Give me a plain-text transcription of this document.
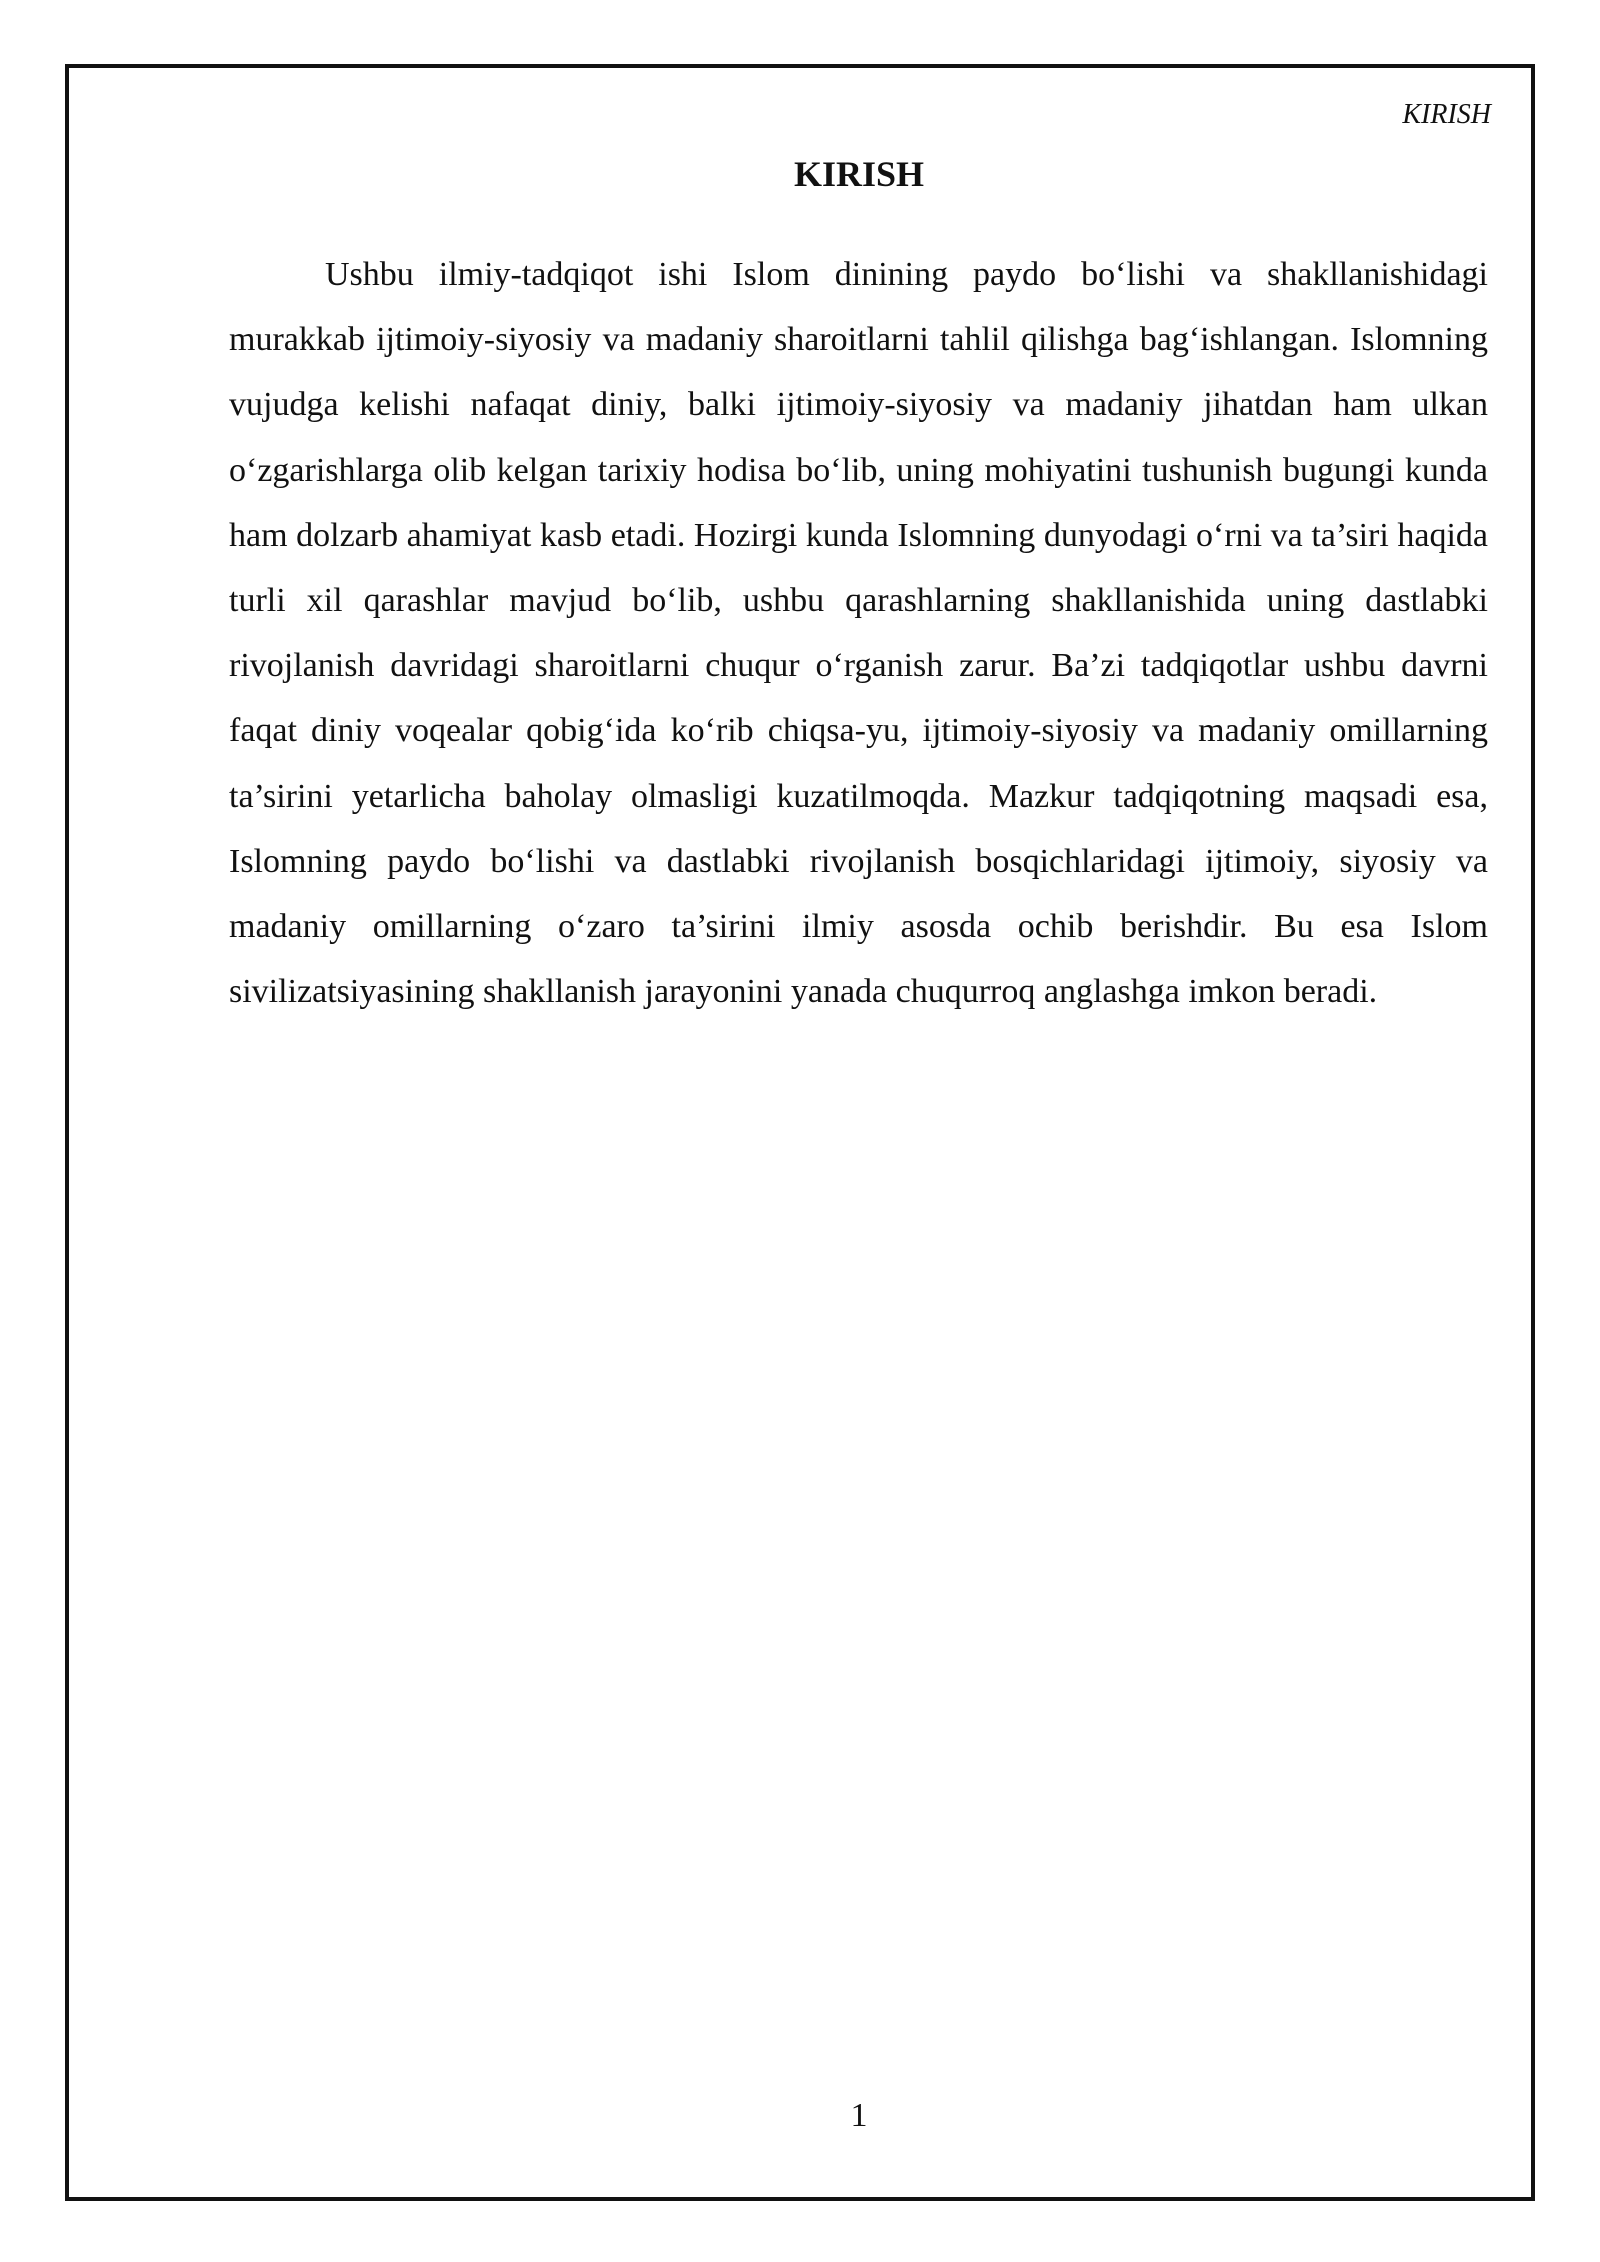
KIRISH
KIRISH

Ushbu ilmiy-tadqiqot ishi Islom dinining paydo bo‘lishi va shakllanishidagi murakkab ijtimoiy-siyosiy va madaniy sharoitlarni tahlil qilishga bag‘ishlangan. Islomning vujudga kelishi nafaqat diniy, balki ijtimoiy-siyosiy va madaniy jihatdan ham ulkan o‘zgarishlarga olib kelgan tarixiy hodisa bo‘lib, uning mohiyatini tushunish bugungi kunda ham dolzarb ahamiyat kasb etadi. Hozirgi kunda Islomning dunyodagi o‘rni va ta’siri haqida turli xil qarashlar mavjud bo‘lib, ushbu qarashlarning shakllanishida uning dastlabki rivojlanish davridagi sharoitlarni chuqur o‘rganish zarur. Ba’zi tadqiqotlar ushbu davrni faqat diniy voqealar qobig‘ida ko‘rib chiqsa-yu, ijtimoiy-siyosiy va madaniy omillarning ta’sirini yetarlicha baholay olmasligi kuzatilmoqda. Mazkur tadqiqotning maqsadi esa, Islomning paydo bo‘lishi va dastlabki rivojlanish bosqichlaridagi ijtimoiy, siyosiy va madaniy omillarning o‘zaro ta’sirini ilmiy asosda ochib berishdir. Bu esa Islom sivilizatsiyasining shakllanish jarayonini yanada chuqurroq anglashga imkon beradi.

1
